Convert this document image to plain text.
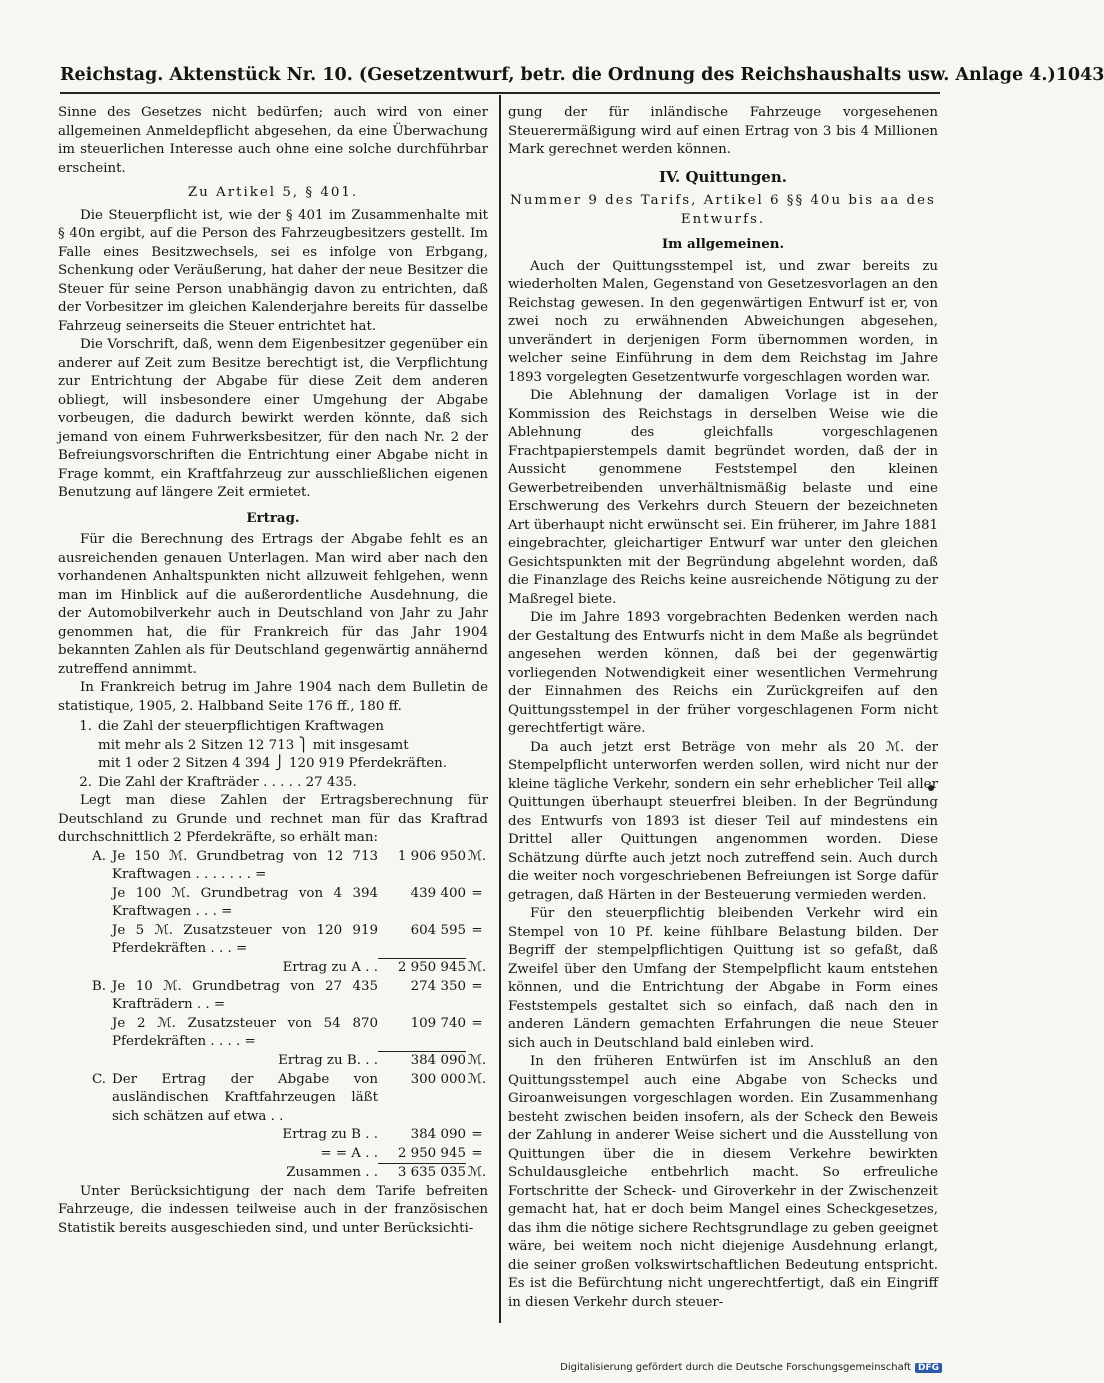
Reichstag. Aktenstück Nr. 10. (Gesetzentwurf, betr. die Ordnung des Reichshaushalts usw. Anlage 4.) 1043

Sinne des Gesetzes nicht bedürfen; auch wird von einer allgemeinen Anmeldepflicht abgesehen, da eine Überwachung im steuerlichen Interesse auch ohne eine solche durchführbar erscheint.

Zu Artikel 5, § 401.

Die Steuerpflicht ist, wie der § 401 im Zusammenhalte mit § 40n ergibt, auf die Person des Fahrzeugbesitzers gestellt. Im Falle eines Besitzwechsels, sei es infolge von Erbgang, Schenkung oder Veräußerung, hat daher der neue Besitzer die Steuer für seine Person unabhängig davon zu entrichten, daß der Vorbesitzer im gleichen Kalenderjahre bereits für dasselbe Fahrzeug seinerseits die Steuer entrichtet hat.

Die Vorschrift, daß, wenn dem Eigenbesitzer gegenüber ein anderer auf Zeit zum Besitze berechtigt ist, die Verpflichtung zur Entrichtung der Abgabe für diese Zeit dem anderen obliegt, will insbesondere einer Umgehung der Abgabe vorbeugen, die dadurch bewirkt werden könnte, daß sich jemand von einem Fuhrwerksbesitzer, für den nach Nr. 2 der Befreiungsvorschriften die Entrichtung einer Abgabe nicht in Frage kommt, ein Kraftfahrzeug zur ausschließlichen eigenen Benutzung auf längere Zeit ermietet.

Ertrag.

Für die Berechnung des Ertrags der Abgabe fehlt es an ausreichenden genauen Unterlagen. Man wird aber nach den vorhandenen Anhaltspunkten nicht allzuweit fehlgehen, wenn man im Hinblick auf die außerordentliche Ausdehnung, die der Automobilverkehr auch in Deutschland von Jahr zu Jahr genommen hat, die für Frankreich für das Jahr 1904 bekannten Zahlen als für Deutschland gegenwärtig annähernd zutreffend annimmt.

In Frankreich betrug im Jahre 1904 nach dem Bulletin de statistique, 1905, 2. Halbband Seite 176 ff., 180 ff.

1. die Zahl der steuerpflichtigen Kraftwagen
mit mehr als 2 Sitzen 12 713 ⎫ mit insgesamt
mit 1 oder 2 Sitzen 4 394 ⎭ 120 919 Pferdekräften.
2. Die Zahl der Krafträder . . . . . 27 435.

Legt man diese Zahlen der Ertragsberechnung für Deutschland zu Grunde und rechnet man für das Kraftrad durchschnittlich 2 Pferdekräfte, so erhält man:

A.	Je 150 ℳ. Grundbetrag von 12 713 Kraftwagen . . . . . . . =	1 906 950	ℳ.
	Je 100 ℳ. Grundbetrag von 4 394 Kraftwagen . . . =	439 400	=
	Je 5 ℳ. Zusatzsteuer von 120 919 Pferdekräften . . . =	604 595	=
	Ertrag zu A . .	2 950 945	ℳ.
B.	Je 10 ℳ. Grundbetrag von 27 435 Krafträdern . . =	274 350	=
	Je 2 ℳ. Zusatzsteuer von 54 870 Pferdekräften . . . . =	109 740	=
	Ertrag zu B. . .	384 090	ℳ.
C.	Der Ertrag der Abgabe von ausländischen Kraftfahrzeugen läßt sich schätzen auf etwa . .	300 000	ℳ.
	Ertrag zu B . .	384 090	=
	= = A . .	2 950 945	=
	Zusammen . .	3 635 035	ℳ.

Unter Berücksichtigung der nach dem Tarife befreiten Fahrzeuge, die indessen teilweise auch in der französischen Statistik bereits ausgeschieden sind, und unter Berücksichti-

gung der für inländische Fahrzeuge vorgesehenen Steuerermäßigung wird auf einen Ertrag von 3 bis 4 Millionen Mark gerechnet werden können.

IV. Quittungen.
Nummer 9 des Tarifs, Artikel 6 §§ 40u bis aa des Entwurfs.
Im allgemeinen.

Auch der Quittungsstempel ist, und zwar bereits zu wiederholten Malen, Gegenstand von Gesetzesvorlagen an den Reichstag gewesen. In den gegenwärtigen Entwurf ist er, von zwei noch zu erwähnenden Abweichungen abgesehen, unverändert in derjenigen Form übernommen worden, in welcher seine Einführung in dem dem Reichstag im Jahre 1893 vorgelegten Gesetzentwurfe vorgeschlagen worden war.

Die Ablehnung der damaligen Vorlage ist in der Kommission des Reichstags in derselben Weise wie die Ablehnung des gleichfalls vorgeschlagenen Frachtpapierstempels damit begründet worden, daß der in Aussicht genommene Feststempel den kleinen Gewerbetreibenden unverhältnismäßig belaste und eine Erschwerung des Verkehrs durch Steuern der bezeichneten Art überhaupt nicht erwünscht sei. Ein früherer, im Jahre 1881 eingebrachter, gleichartiger Entwurf war unter den gleichen Gesichtspunkten mit der Begründung abgelehnt worden, daß die Finanzlage des Reichs keine ausreichende Nötigung zu der Maßregel biete.

Die im Jahre 1893 vorgebrachten Bedenken werden nach der Gestaltung des Entwurfs nicht in dem Maße als begründet angesehen werden können, daß bei der gegenwärtig vorliegenden Notwendigkeit einer wesentlichen Vermehrung der Einnahmen des Reichs ein Zurückgreifen auf den Quittungsstempel in der früher vorgeschlagenen Form nicht gerechtfertigt wäre.

Da auch jetzt erst Beträge von mehr als 20 ℳ. der Stempelpflicht unterworfen werden sollen, wird nicht nur der kleine tägliche Verkehr, sondern ein sehr erheblicher Teil aller Quittungen überhaupt steuerfrei bleiben. In der Begründung des Entwurfs von 1893 ist dieser Teil auf mindestens ein Drittel aller Quittungen angenommen worden. Diese Schätzung dürfte auch jetzt noch zutreffend sein. Auch durch die weiter noch vorgeschriebenen Befreiungen ist Sorge dafür getragen, daß Härten in der Besteuerung vermieden werden.

Für den steuerpflichtig bleibenden Verkehr wird ein Stempel von 10 Pf. keine fühlbare Belastung bilden. Der Begriff der stempelpflichtigen Quittung ist so gefaßt, daß Zweifel über den Umfang der Stempelpflicht kaum entstehen können, und die Entrichtung der Abgabe in Form eines Feststempels gestaltet sich so einfach, daß nach den in anderen Ländern gemachten Erfahrungen die neue Steuer sich auch in Deutschland bald einleben wird.

In den früheren Entwürfen ist im Anschluß an den Quittungsstempel auch eine Abgabe von Schecks und Giroanweisungen vorgeschlagen worden. Ein Zusammenhang besteht zwischen beiden insofern, als der Scheck den Beweis der Zahlung in anderer Weise sichert und die Ausstellung von Quittungen über die in diesem Verkehre bewirkten Schuldausgleiche entbehrlich macht. So erfreuliche Fortschritte der Scheck- und Giroverkehr in der Zwischenzeit gemacht hat, hat er doch beim Mangel eines Scheckgesetzes, das ihm die nötige sichere Rechtsgrundlage zu geben geeignet wäre, bei weitem noch nicht diejenige Ausdehnung erlangt, die seiner großen volkswirtschaftlichen Bedeutung entspricht. Es ist die Befürchtung nicht ungerechtfertigt, daß ein Eingriff in diesen Verkehr durch steuer-

Digitalisierung gefördert durch die Deutsche Forschungsgemeinschaft DFG
